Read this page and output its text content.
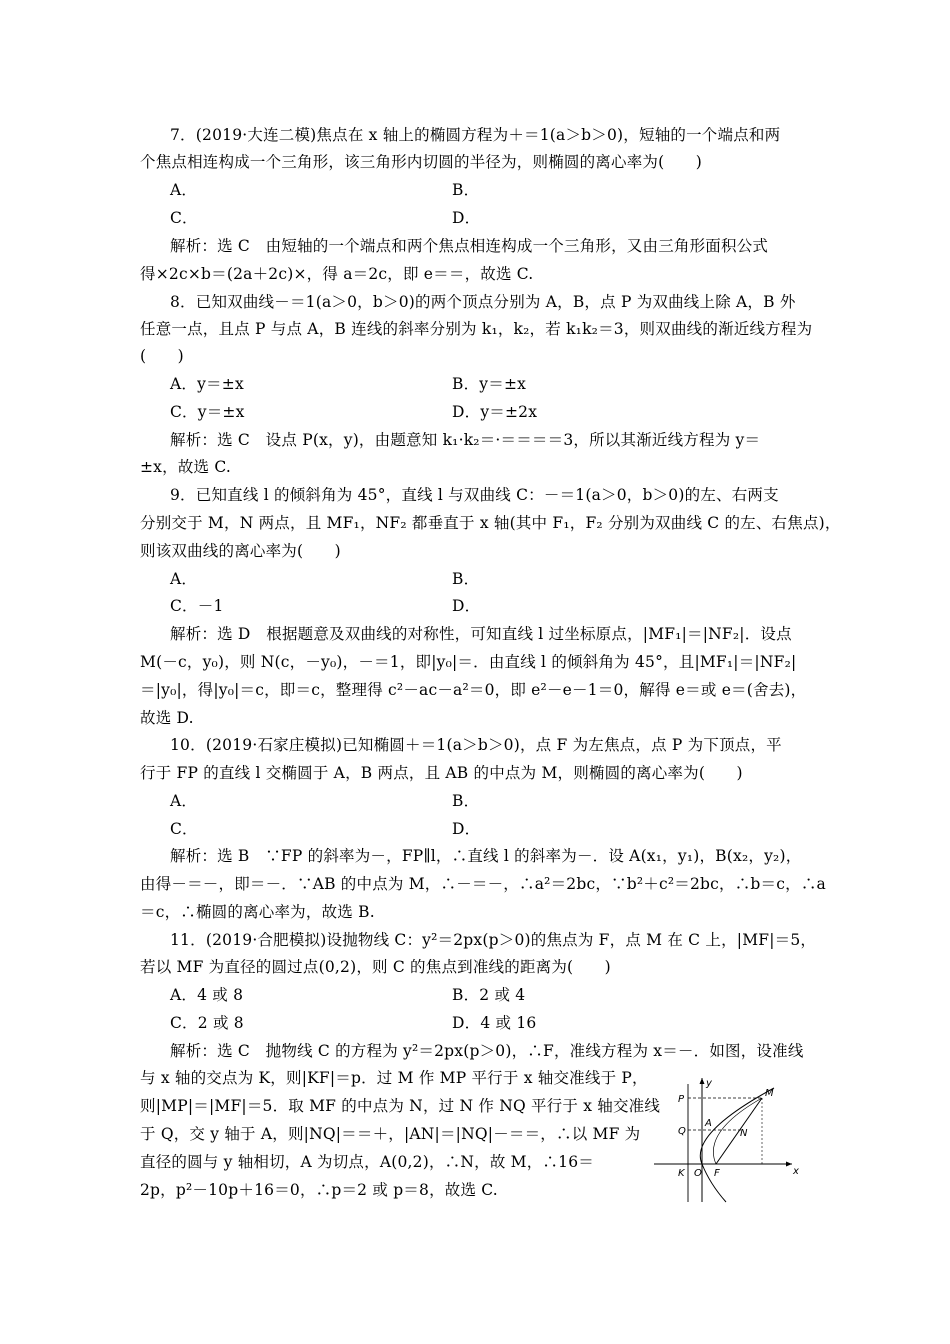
7．(2019·大连二模)焦点在 x 轴上的椭圆方程为＋＝1(a＞b＞0)，短轴的一个端点和两
个焦点相连构成一个三角形，该三角形内切圆的半径为，则椭圆的离心率为(　　)
A．	B．
C．	D．
解析：选 C　由短轴的一个端点和两个焦点相连构成一个三角形，又由三角形面积公式
得×2c×b＝(2a＋2c)×，得 a＝2c，即 e＝＝，故选 C.
8．已知双曲线－＝1(a＞0，b＞0)的两个顶点分别为 A，B，点 P 为双曲线上除 A，B 外
任意一点，且点 P 与点 A，B 连线的斜率分别为 k₁，k₂，若 k₁k₂＝3，则双曲线的渐近线方程为
(　　)
A．y＝±x	B．y＝±x
C．y＝±x	D．y＝±2x
解析：选 C　设点 P(x，y)，由题意知 k₁·k₂＝·＝＝＝＝3，所以其渐近线方程为 y＝
±x，故选 C.
9．已知直线 l 的倾斜角为 45°，直线 l 与双曲线 C：－＝1(a＞0，b＞0)的左、右两支
分别交于 M，N 两点，且 MF₁，NF₂ 都垂直于 x 轴(其中 F₁，F₂ 分别为双曲线 C 的左、右焦点)，
则该双曲线的离心率为(　　)
A．	B．
C．－1	D．
解析：选 D　根据题意及双曲线的对称性，可知直线 l 过坐标原点，|MF₁|＝|NF₂|．设点
M(－c，y₀)，则 N(c，－y₀)，－＝1，即|y₀|＝．由直线 l 的倾斜角为 45°，且|MF₁|＝|NF₂|
＝|y₀|，得|y₀|＝c，即＝c，整理得 c²－ac－a²＝0，即 e²－e－1＝0，解得 e＝或 e＝(舍去)，
故选 D.
10．(2019·石家庄模拟)已知椭圆＋＝1(a＞b＞0)，点 F 为左焦点，点 P 为下顶点，平
行于 FP 的直线 l 交椭圆于 A，B 两点，且 AB 的中点为 M，则椭圆的离心率为(　　)
A．	B．
C．	D．
解析：选 B　∵FP 的斜率为－，FP∥l，∴直线 l 的斜率为－．设 A(x₁，y₁)，B(x₂，y₂)，
由得－＝－，即＝－．∵AB 的中点为 M，∴－＝－，∴a²＝2bc，∵b²＋c²＝2bc，∴b＝c，∴a
＝c，∴椭圆的离心率为，故选 B.
11．(2019·合肥模拟)设抛物线 C：y²＝2px(p＞0)的焦点为 F，点 M 在 C 上，|MF|＝5，
若以 MF 为直径的圆过点(0,2)，则 C 的焦点到准线的距离为(　　)
A．4 或 8	B．2 或 4
C．2 或 8	D．4 或 16
解析：选 C　抛物线 C 的方程为 y²＝2px(p＞0)，∴F，准线方程为 x＝－．如图，设准线
与 x 轴的交点为 K，则|KF|＝p．过 M 作 MP 平行于 x 轴交准线于 P，
则|MP|＝|MF|＝5．取 MF 的中点为 N，过 N 作 NQ 平行于 x 轴交准线
于 Q，交 y 轴于 A，则|NQ|＝＝＋，|AN|＝|NQ|－＝＝，∴以 MF 为
直径的圆与 y 轴相切，A 为切点，A(0,2)，∴N，故 M，∴16＝
2p，p²－10p＋16＝0，∴p＝2 或 p＝8，故选 C.
y
x
P
M
Q
A
N
K O F
